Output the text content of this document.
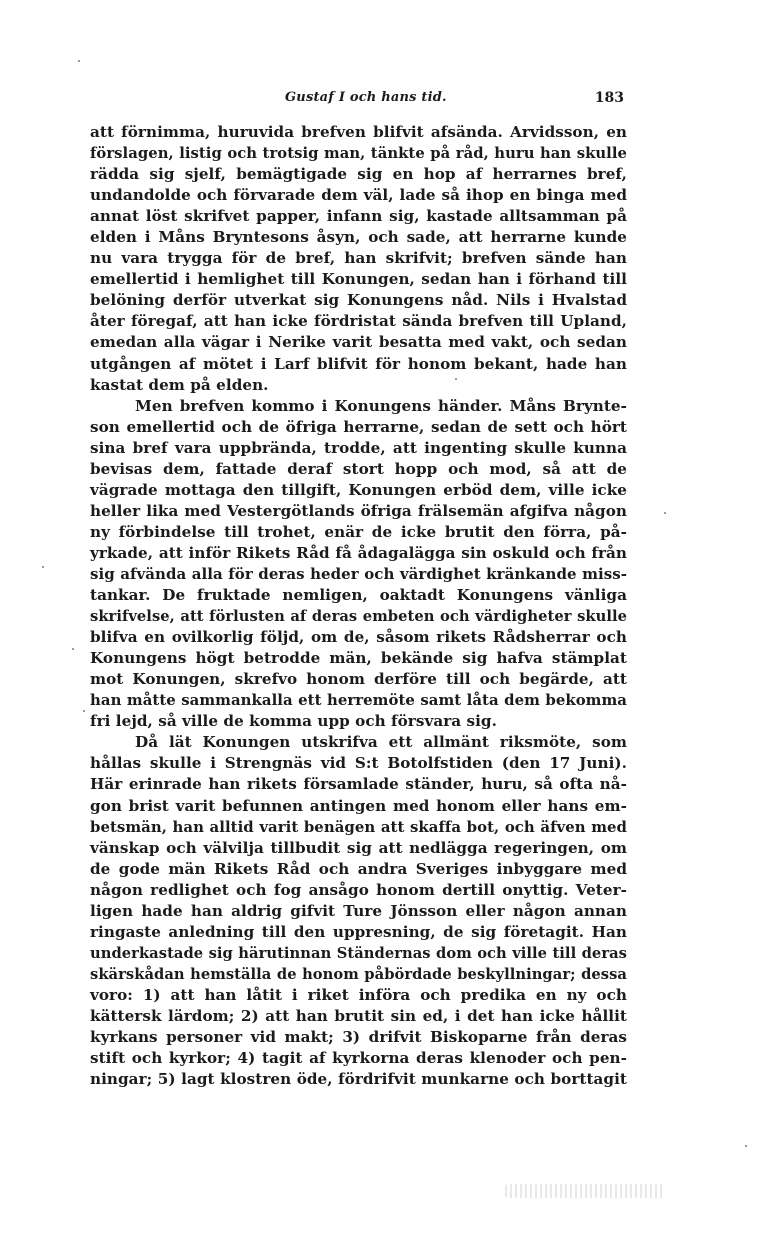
Gustaf I och hans tid.	183
att förnimma, huruvida brefven blifvit afsända. Arvidsson, en
förslagen, listig och trotsig man, tänkte på råd, huru han skulle
rädda sig sjelf, bemägtigade sig en hop af herrarnes bref,
undandolde och förvarade dem väl, lade så ihop en binga med
annat löst skrifvet papper, infann sig, kastade alltsamman på
elden i Måns Bryntesons åsyn, och sade, att herrarne kunde
nu vara trygga för de bref, han skrifvit; brefven sände han
emellertid i hemlighet till Konungen, sedan han i förhand till
belöning derför utverkat sig Konungens nåd. Nils i Hvalstad
åter föregaf, att han icke fördristat sända brefven till Upland,
emedan alla vägar i Nerike varit besatta med vakt, och sedan
utgången af mötet i Larf blifvit för honom bekant, hade han
kastat dem på elden.
Men brefven kommo i Konungens händer. Måns Brynte-
son emellertid och de öfriga herrarne, sedan de sett och hört
sina bref vara uppbrända, trodde, att ingenting skulle kunna
bevisas dem, fattade deraf stort hopp och mod, så att de
vägrade mottaga den tillgift, Konungen erböd dem, ville icke
heller lika med Vestergötlands öfriga frälsemän afgifva någon
ny förbindelse till trohet, enär de icke brutit den förra, på-
yrkade, att inför Rikets Råd få ådagalägga sin oskuld och från
sig afvända alla för deras heder och värdighet kränkande miss-
tankar. De fruktade nemligen, oaktadt Konungens vänliga
skrifvelse, att förlusten af deras embeten och värdigheter skulle
blifva en ovilkorlig följd, om de, såsom rikets Rådsherrar och
Konungens högt betrodde män, bekände sig hafva stämplat
mot Konungen, skrefvo honom derföre till och begärde, att
han måtte sammankalla ett herremöte samt låta dem bekomma
fri lejd, så ville de komma upp och försvara sig.
Då lät Konungen utskrifva ett allmänt riksmöte, som
hållas skulle i Strengnäs vid S:t Botolfstiden (den 17 Juni).
Här erinrade han rikets församlade ständer, huru, så ofta nå-
gon brist varit befunnen antingen med honom eller hans em-
betsmän, han alltid varit benägen att skaffa bot, och äfven med
vänskap och välvilja tillbudit sig att nedlägga regeringen, om
de gode män Rikets Råd och andra Sveriges inbyggare med
någon redlighet och fog ansågo honom dertill onyttig. Veter-
ligen hade han aldrig gifvit Ture Jönsson eller någon annan
ringaste anledning till den uppresning, de sig företagit. Han
underkastade sig härutinnan Ständernas dom och ville till deras
skärskådan hemställa de honom påbördade beskyllningar; dessa
voro: 1) att han låtit i riket införa och predika en ny och
kättersk lärdom; 2) att han brutit sin ed, i det han icke hållit
kyrkans personer vid makt; 3) drifvit Biskoparne från deras
stift och kyrkor; 4) tagit af kyrkorna deras klenoder och pen-
ningar; 5) lagt klostren öde, fördrifvit munkarne och borttagit
